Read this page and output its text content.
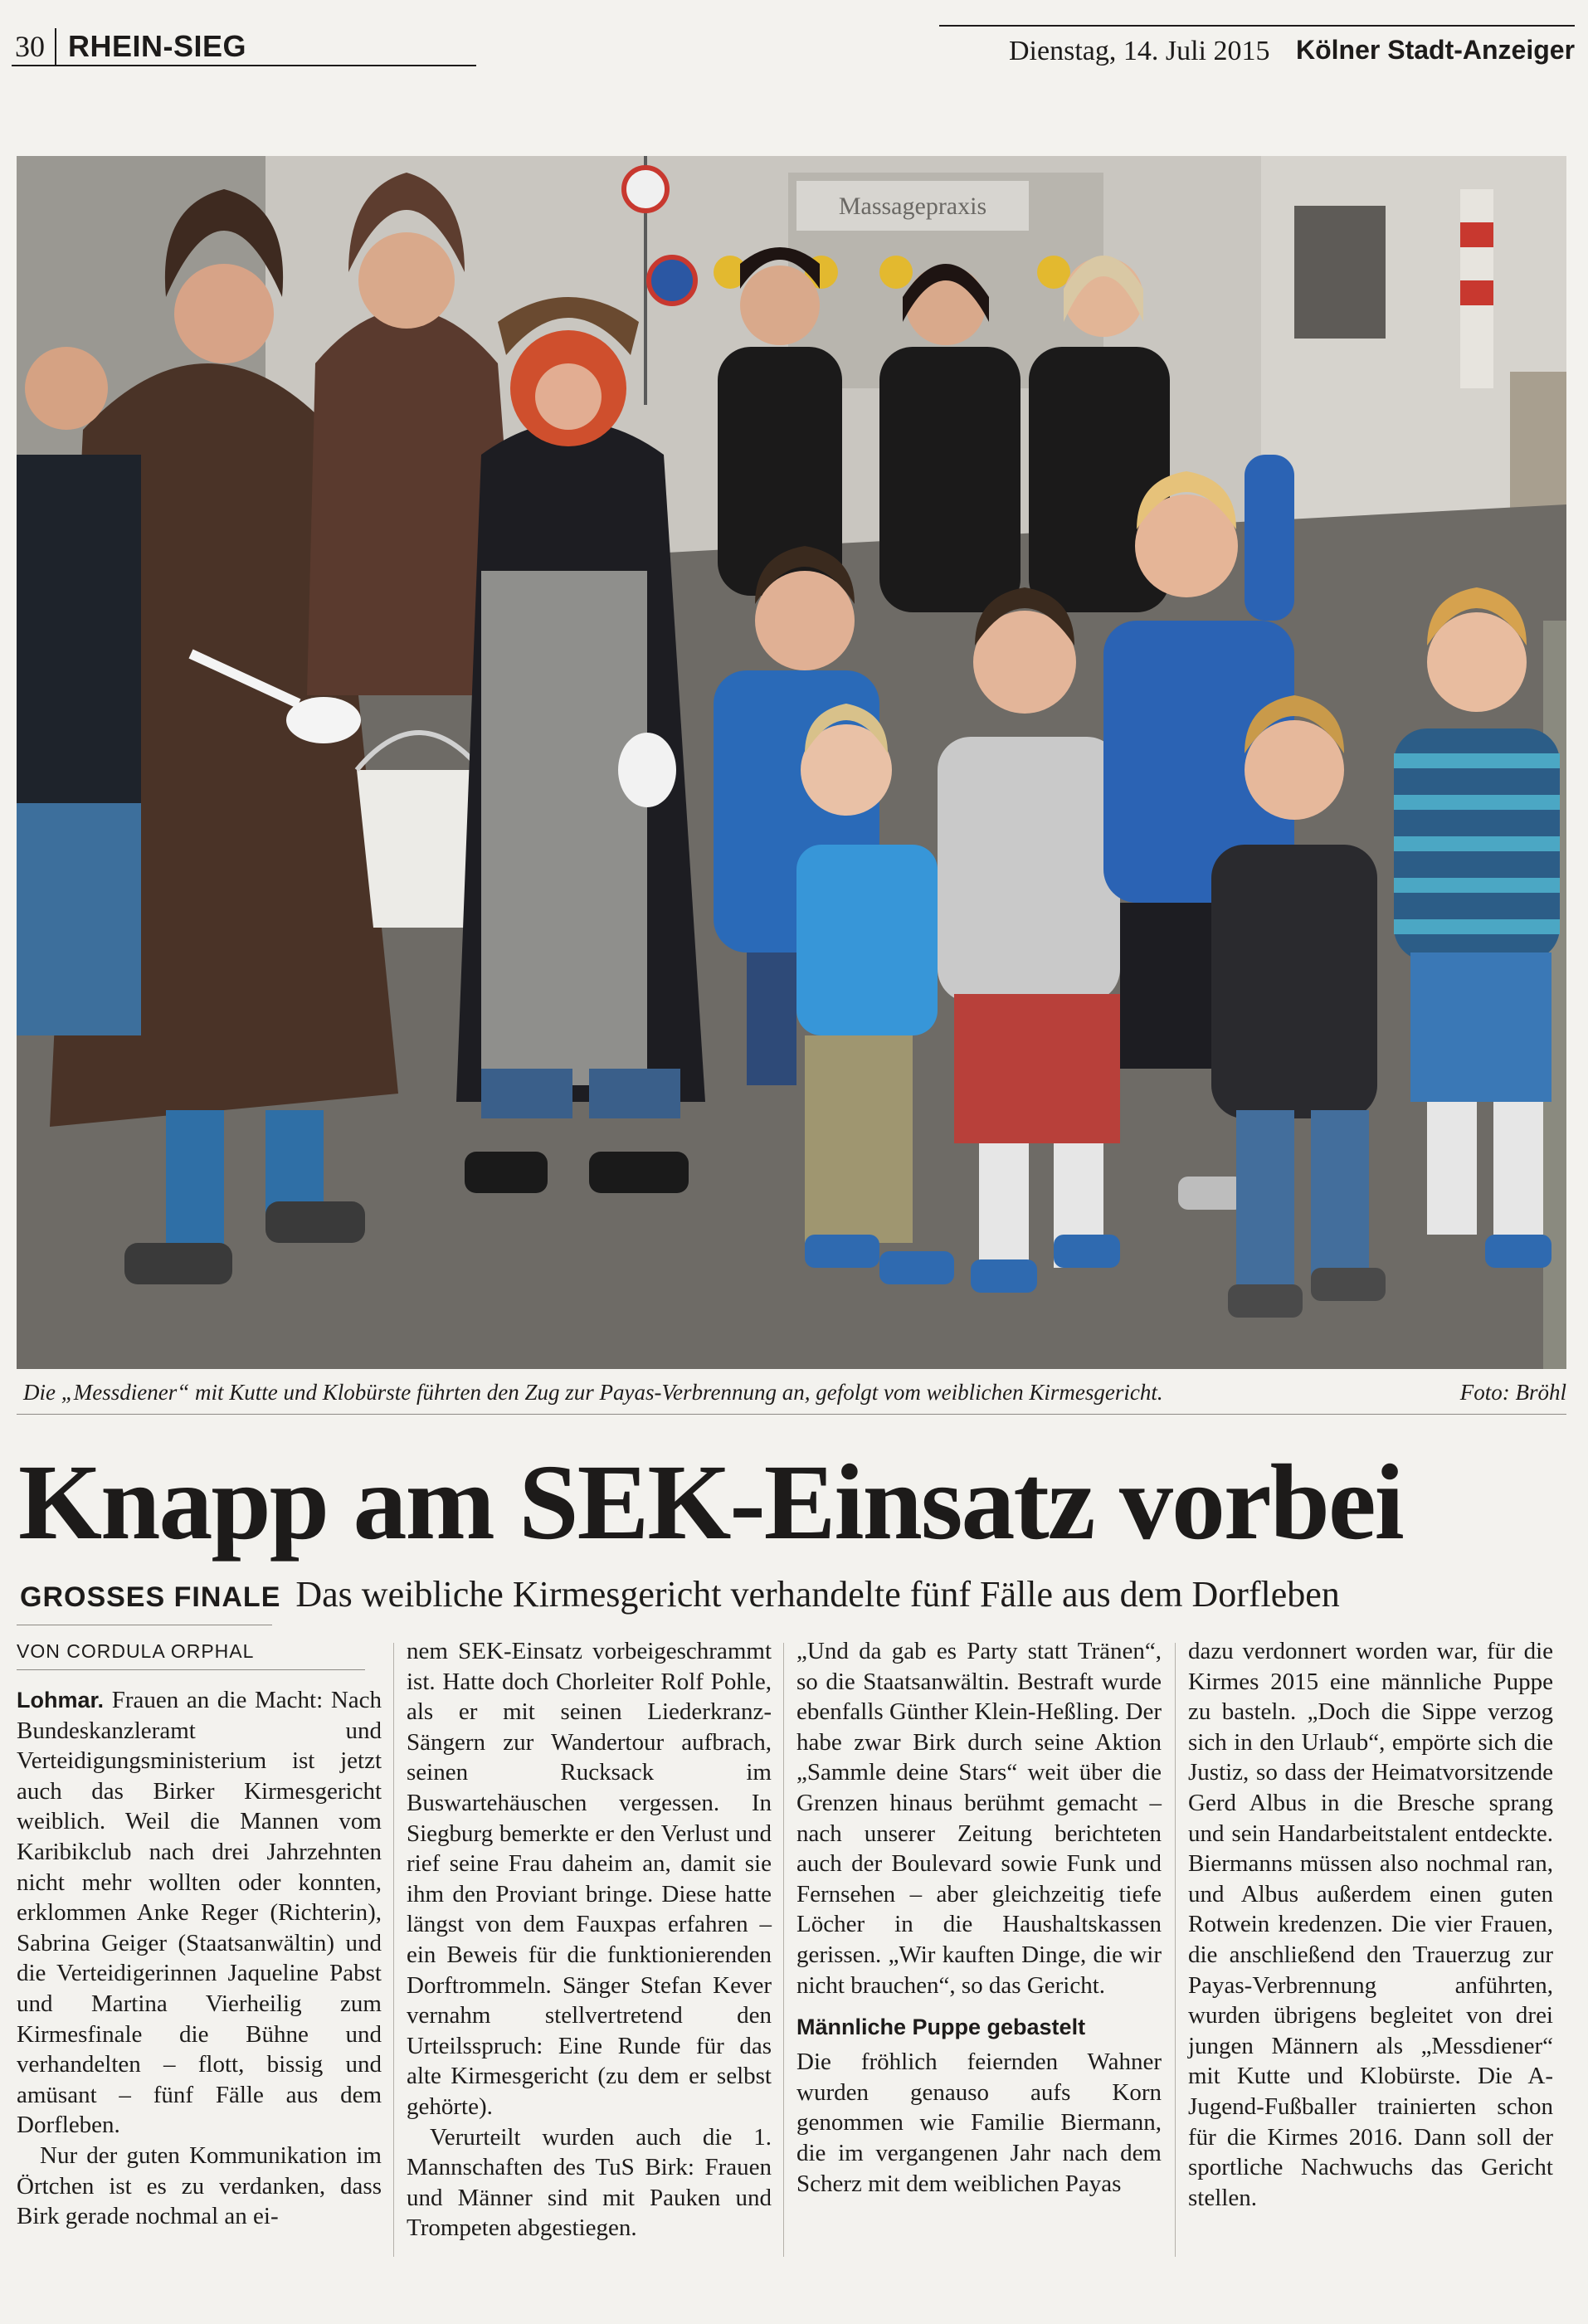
30 RHEIN-SIEG	Dienstag, 14. Juli 2015 Kölner Stadt-Anzeiger
Massagepraxis
Die „Messdiener“ mit Kutte und Klobürste führten den Zug zur Payas-Verbrennung an, gefolgt vom weiblichen Kirmesgericht.	Foto: Bröhl
Knapp am SEK-Einsatz vorbei
GROSSES FINALE Das weibliche Kirmesgericht verhandelte fünf Fälle aus dem Dorfleben
VON CORDULA ORPHAL

Lohmar. Frauen an die Macht: Nach Bundeskanzleramt und Verteidigungsministerium ist jetzt auch das Birker Kirmesgericht weiblich. Weil die Mannen vom Karibikclub nach drei Jahrzehnten nicht mehr wollten oder konnten, erklommen Anke Reger (Richterin), Sabrina Geiger (Staatsanwältin) und die Verteidigerinnen Jaqueline Pabst und Martina Vierheilig zum Kirmesfinale die Bühne und verhandelten – flott, bissig und amüsant – fünf Fälle aus dem Dorfleben.

Nur der guten Kommunikation im Örtchen ist es zu verdanken, dass Birk gerade nochmal an ei-

nem SEK-Einsatz vorbeigeschrammt ist. Hatte doch Chorleiter Rolf Pohle, als er mit seinen Liederkranz-Sängern zur Wandertour aufbrach, seinen Rucksack im Buswartehäuschen vergessen. In Siegburg bemerkte er den Verlust und rief seine Frau daheim an, damit sie ihm den Proviant bringe. Diese hatte längst von dem Fauxpas erfahren – ein Beweis für die funktionierenden Dorftrommeln. Sänger Stefan Kever vernahm stellvertretend den Urteilsspruch: Eine Runde für das alte Kirmesgericht (zu dem er selbst gehörte).

Verurteilt wurden auch die 1. Mannschaften des TuS Birk: Frauen und Männer sind mit Pauken und Trompeten abgestiegen.

„Und da gab es Party statt Tränen“, so die Staatsanwältin. Bestraft wurde ebenfalls Günther Klein-Heßling. Der habe zwar Birk durch seine Aktion „Sammle deine Stars“ weit über die Grenzen hinaus berühmt gemacht – nach unserer Zeitung berichteten auch der Boulevard sowie Funk und Fernsehen – aber gleichzeitig tiefe Löcher in die Haushaltskassen gerissen. „Wir kauften Dinge, die wir nicht brauchen“, so das Gericht.

Männliche Puppe gebastelt

Die fröhlich feiernden Wahner wurden genauso aufs Korn genommen wie Familie Biermann, die im vergangenen Jahr nach dem Scherz mit dem weiblichen Payas

dazu verdonnert worden war, für die Kirmes 2015 eine männliche Puppe zu basteln. „Doch die Sippe verzog sich in den Urlaub“, empörte sich die Justiz, so dass der Heimatvorsitzende Gerd Albus in die Bresche sprang und sein Handarbeitstalent entdeckte. Biermanns müssen also nochmal ran, und Albus außerdem einen guten Rotwein kredenzen. Die vier Frauen, die anschließend den Trauerzug zur Payas-Verbrennung anführten, wurden übrigens begleitet von drei jungen Männern als „Messdiener“ mit Kutte und Klobürste. Die A-Jugend-Fußballer trainierten schon für die Kirmes 2016. Dann soll der sportliche Nachwuchs das Gericht stellen.
